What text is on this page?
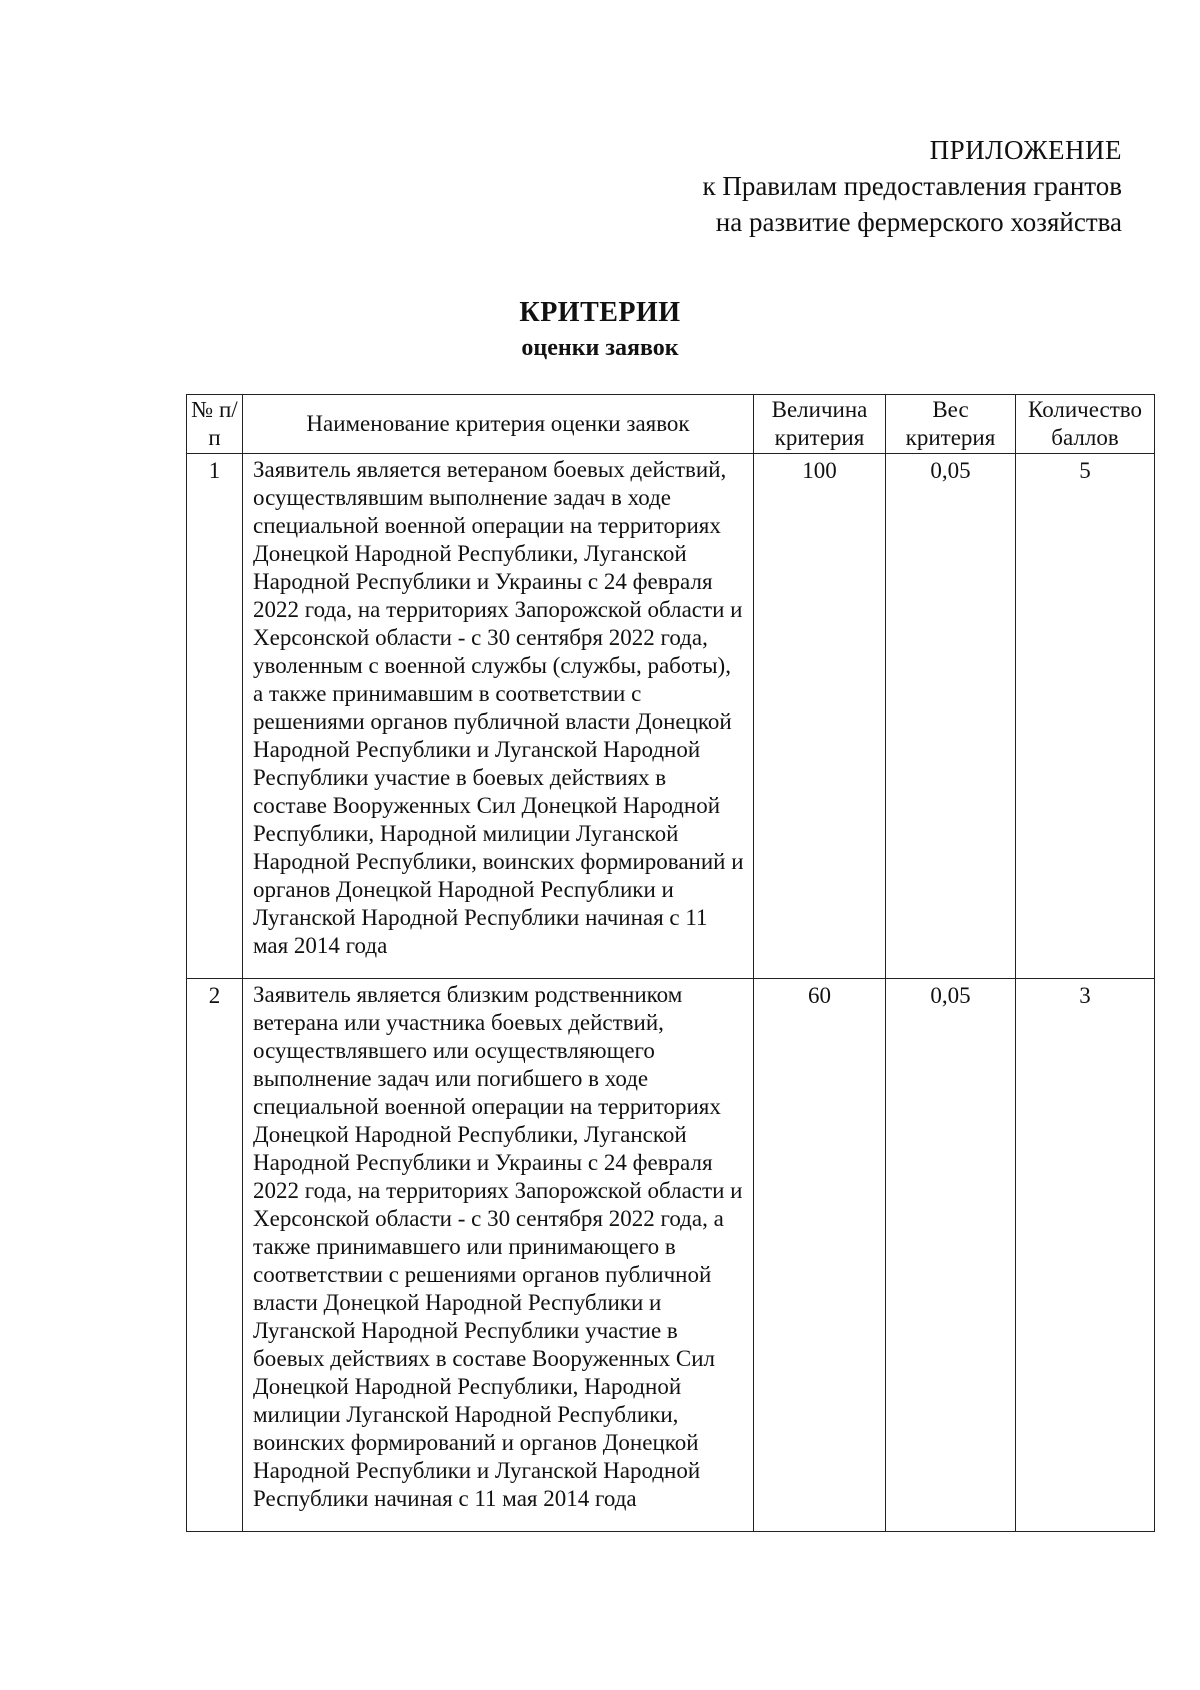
ПРИЛОЖЕНИЕ
к Правилам предоставления грантов
на развитие фермерского хозяйства
КРИТЕРИИ
оценки заявок
№ п/п	Наименование критерия оценки заявок	Величина критерия	Вес критерия	Количество баллов
1	Заявитель является ветераном боевых действий, осуществлявшим выполнение задач в ходе специальной военной операции на территориях Донецкой Народной Республики, Луганской Народной Республики и Украины с 24 февраля 2022 года, на территориях Запорожской области и Херсонской области - с 30 сентября 2022 года, уволенным с военной службы (службы, работы), а также принимавшим в соответствии с решениями органов публичной власти Донецкой Народной Республики и Луганской Народной Республики участие в боевых действиях в составе Вооруженных Сил Донецкой Народной Республики, Народной милиции Луганской Народной Республики, воинских формирований и органов Донецкой Народной Республики и Луганской Народной Республики начиная с 11 мая 2014 года	100	0,05	5
2	Заявитель является близким родственником ветерана или участника боевых действий, осуществлявшего или осуществляющего выполнение задач или погибшего в ходе специальной военной операции на территориях Донецкой Народной Республики, Луганской Народной Республики и Украины с 24 февраля 2022 года, на территориях Запорожской области и Херсонской области - с 30 сентября 2022 года, а также принимавшего или принимающего в соответствии с решениями органов публичной власти Донецкой Народной Республики и Луганской Народной Республики участие в боевых действиях в составе Вооруженных Сил Донецкой Народной Республики, Народной милиции Луганской Народной Республики, воинских формирований и органов Донецкой Народной Республики и Луганской Народной Республики начиная с 11 мая 2014 года	60	0,05	3
